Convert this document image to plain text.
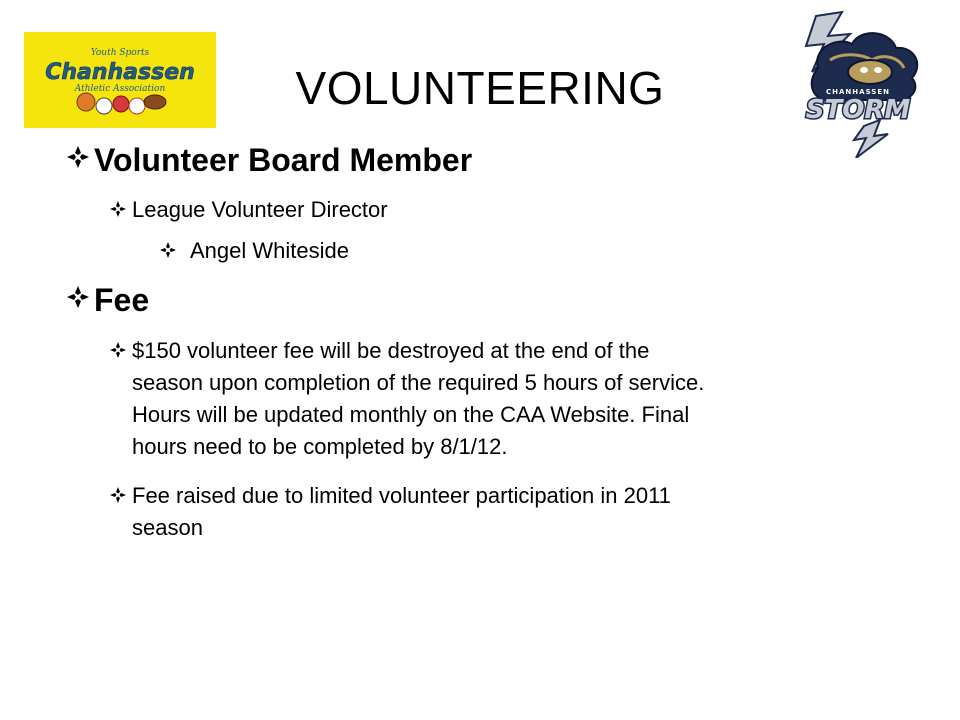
Youth Sports
Chanhassen
Athletic Association	CHANHASSEN
STORM
VOLUNTEERING
Volunteer Board Member
League Volunteer Director
Angel Whiteside
Fee
$150 volunteer fee will be destroyed at the end of the
season upon completion of the required 5 hours of service.
Hours will be updated monthly on the CAA Website. Final
hours need to be completed by 8/1/12.
Fee raised due to limited volunteer participation in 2011
season
